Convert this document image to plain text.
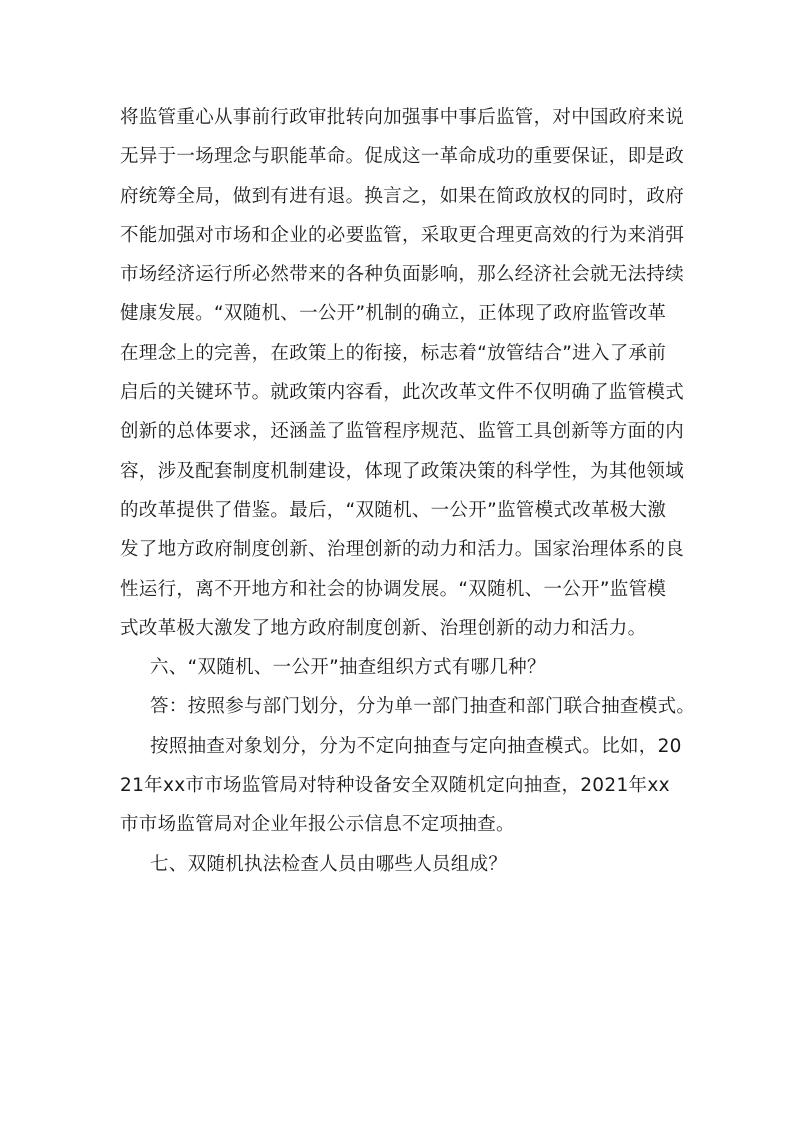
将监管重心从事前行政审批转向加强事中事后监管，对中国政府来说
无异于一场理念与职能革命。促成这一革命成功的重要保证，即是政
府统筹全局，做到有进有退。换言之，如果在简政放权的同时，政府
不能加强对市场和企业的必要监管，采取更合理更高效的行为来消弭
市场经济运行所必然带来的各种负面影响，那么经济社会就无法持续
健康发展。“双随机、一公开”机制的确立，正体现了政府监管改革
在理念上的完善，在政策上的衔接，标志着“放管结合”进入了承前
启后的关键环节。就政策内容看，此次改革文件不仅明确了监管模式
创新的总体要求，还涵盖了监管程序规范、监管工具创新等方面的内
容，涉及配套制度机制建设，体现了政策决策的科学性，为其他领域
的改革提供了借鉴。最后，“双随机、一公开”监管模式改革极大激
发了地方政府制度创新、治理创新的动力和活力。国家治理体系的良
性运行，离不开地方和社会的协调发展。“双随机、一公开”监管模
式改革极大激发了地方政府制度创新、治理创新的动力和活力。
六、“双随机、一公开”抽查组织方式有哪几种？
答：按照参与部门划分，分为单一部门抽查和部门联合抽查模式。
按照抽查对象划分，分为不定向抽查与定向抽查模式。比如，20
21年xx市市场监管局对特种设备安全双随机定向抽查，2021年xx
市市场监管局对企业年报公示信息不定项抽查。
七、双随机执法检查人员由哪些人员组成？
